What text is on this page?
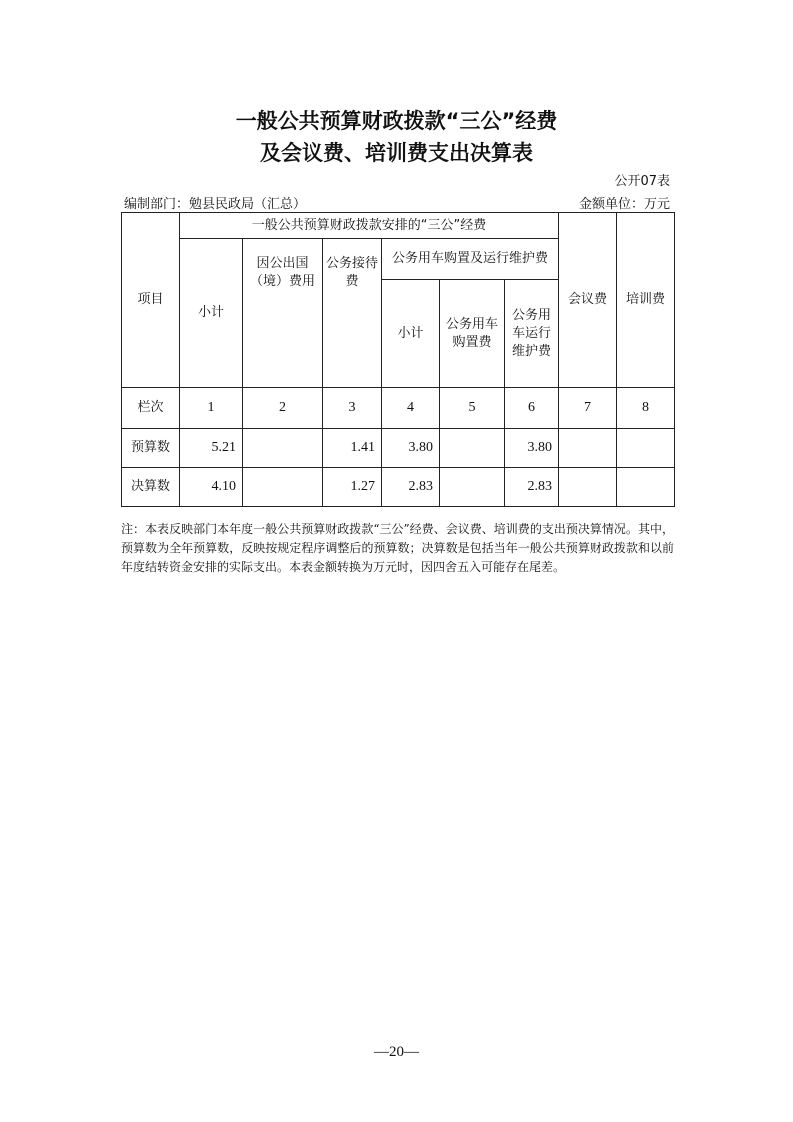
一般公共预算财政拨款“三公”经费
及会议费、培训费支出决算表
公开07表
编制部门：勉县民政局（汇总）	金额单位：万元
项目	一般公共预算财政拨款安排的“三公”经费						会议费	培训费
	小计	因公出国（境）费用	公务接待费	公务用车购置及运行维护费				
				小计	公务用车购置费	公务用车运行维护费		
栏次	1	2	3	4	5	6	7	8
预算数	5.21		1.41	3.80		3.80		
决算数	4.10		1.27	2.83		2.83		
注：本表反映部门本年度一般公共预算财政拨款“三公”经费、会议费、培训费的支出预决算情况。其中，预算数为全年预算数，反映按规定程序调整后的预算数；决算数是包括当年一般公共预算财政拨款和以前年度结转资金安排的实际支出。本表金额转换为万元时，因四舍五入可能存在尾差。
—20—
